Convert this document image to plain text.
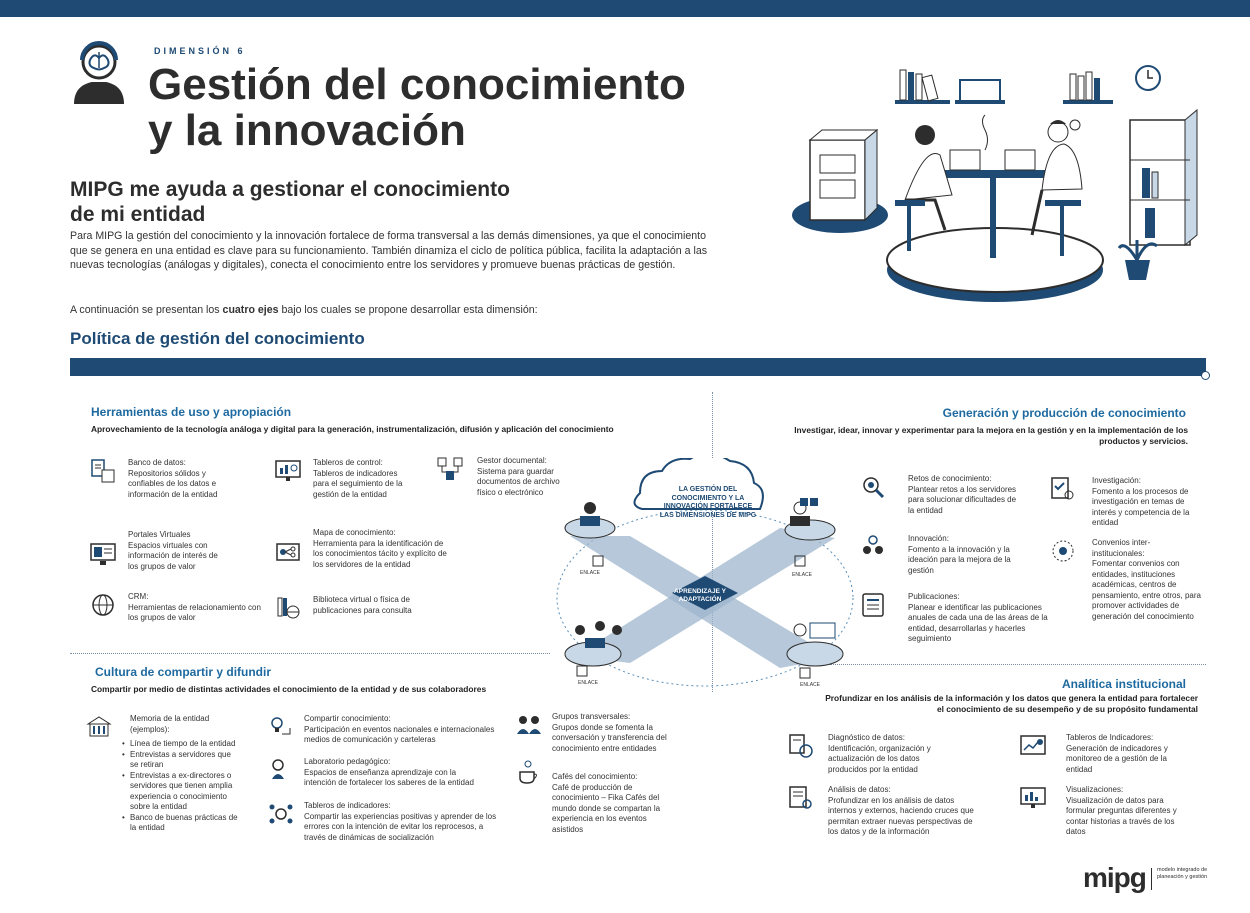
DIMENSIÓN 6
Gestión del conocimiento
y la innovación
MIPG me ayuda a gestionar el conocimiento
de mi entidad
Para MIPG la gestión del conocimiento y la innovación fortalece de forma transversal a las demás dimensiones, ya que el conocimiento que se genera en una entidad es clave para su funcionamiento. También dinamiza el ciclo de política pública, facilita la adaptación a las nuevas tecnologías (análogas y digitales), conecta el conocimiento entre los servidores y promueve buenas prácticas de gestión.
A continuación se presentan los cuatro ejes bajo los cuales se propone desarrollar esta dimensión:
Política de gestión del conocimiento
Herramientas de uso y apropiación
Aprovechamiento de la tecnología análoga y digital para la generación, instrumentalización, difusión y aplicación del conocimiento
Banco de datos:
Repositorios sólidos y confiables de los datos e información de la entidad
Tableros de control:
Tableros de indicadores para el seguimiento de la gestión de la entidad
Gestor documental:
Sistema para guardar documentos de archivo físico o electrónico
Portales Virtuales
Espacios virtuales con información de interés de los grupos de valor
Mapa de conocimiento:
Herramienta para la identificación de los conocimientos tácito y explícito de los servidores de la entidad
CRM:
Herramientas de relacionamiento con los grupos de valor
Biblioteca virtual o física de publicaciones para consulta
LA GESTIÓN DEL CONOCIMIENTO Y LA INNOVACIÓN FORTALECE LAS DIMENSIONES DE MIPG
APRENDIZAJE Y ADAPTACIÓN
ENLACE	ENLACE
ENLACE	ENLACE
Generación y producción de conocimiento
Investigar, idear, innovar y experimentar para la mejora en la gestión y en la implementación de los productos y servicios.
Retos de conocimiento:
Plantear retos a los servidores para solucionar dificultades de la entidad
Investigación:
Fomento a los procesos de investigación en temas de interés y competencia de la entidad
Innovación:
Fomento a la innovación y la ideación para la mejora de la gestión
Convenios inter-institucionales:
Fomentar convenios con entidades, instituciones académicas, centros de pensamiento, entre otros, para promover actividades de generación del conocimiento
Publicaciones:
Planear e identificar las publicaciones anuales de cada una de las áreas de la entidad, desarrollarlas y hacerles seguimiento
Cultura de compartir y difundir
Compartir por medio de distintas actividades el conocimiento de la entidad y de sus colaboradores
Memoria de la entidad (ejemplos):
• Línea de tiempo de la entidad
• Entrevistas a servidores que se retiran
• Entrevistas a ex-directores o servidores que tienen amplia experiencia o conocimiento sobre la entidad
• Banco de buenas prácticas de la entidad
Compartir conocimiento:
Participación en eventos nacionales e internacionales medios de comunicación y carteleras
Laboratorio pedagógico:
Espacios de enseñanza aprendizaje con la intención de fortalecer los saberes de la entidad
Tableros de indicadores:
Compartir las experiencias positivas y aprender de los errores con la intención de evitar los reprocesos, a través de dinámicas de socialización
Grupos transversales:
Grupos donde se fomenta la conversación y transferencia del conocimiento entre entidades
Cafés del conocimiento:
Café de producción de conocimiento – Fika Cafés del mundo donde se compartan la experiencia en los eventos asistidos
Analítica institucional
Profundizar en los análisis de la información y los datos que genera la entidad para fortalecer el conocimiento de su desempeño y de su propósito fundamental
Diagnóstico de datos:
Identificación, organización y actualización de los datos producidos por la entidad
Tableros de Indicadores:
Generación de indicadores y monitoreo de a gestión de la entidad
Análisis de datos:
Profundizar en los análisis de datos internos y externos, haciendo cruces que permitan extraer nuevas perspectivas de los datos y de la información
Visualizaciones:
Visualización de datos para formular preguntas diferentes y contar historias a través de los datos
mipg modelo integrado de planeación y gestión
